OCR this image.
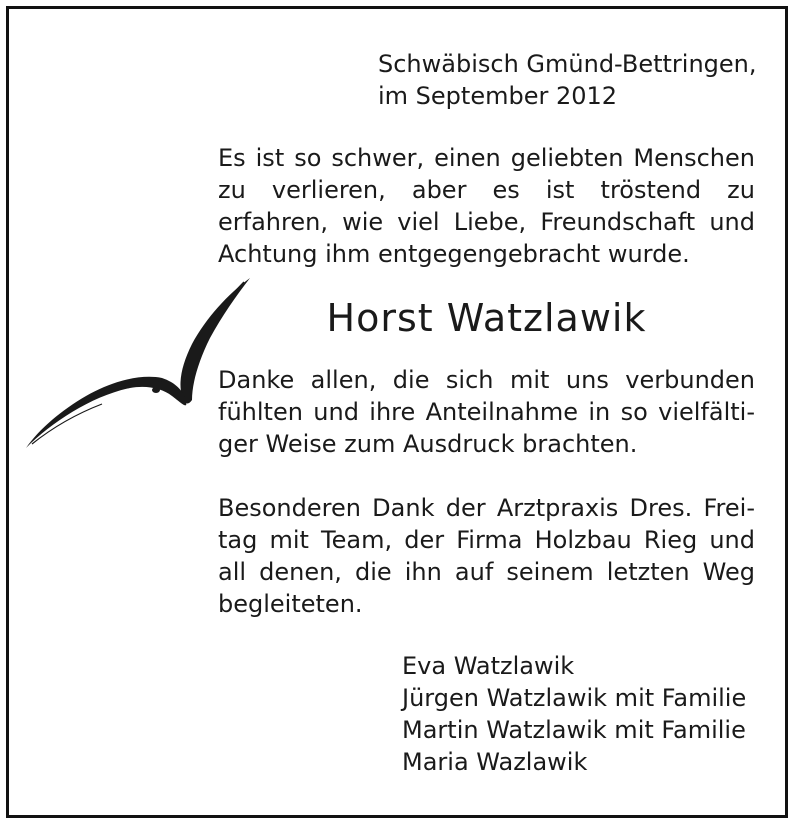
Schwäbisch Gmünd-Bettringen,
im September 2012
Es ist so schwer, einen geliebten Menschen
zu verlieren, aber es ist tröstend zu
erfahren, wie viel Liebe, Freundschaft und
Achtung ihm entgegengebracht wurde.
Horst Watzlawik
Danke allen, die sich mit uns verbunden
fühlten und ihre Anteilnahme in so vielfälti-
ger Weise zum Ausdruck brachten.
Besonderen Dank der Arztpraxis Dres. Frei-
tag mit Team, der Firma Holzbau Rieg und
all denen, die ihn auf seinem letzten Weg
begleiteten.
Eva Watzlawik
Jürgen Watzlawik mit Familie
Martin Watzlawik mit Familie
Maria Wazlawik
